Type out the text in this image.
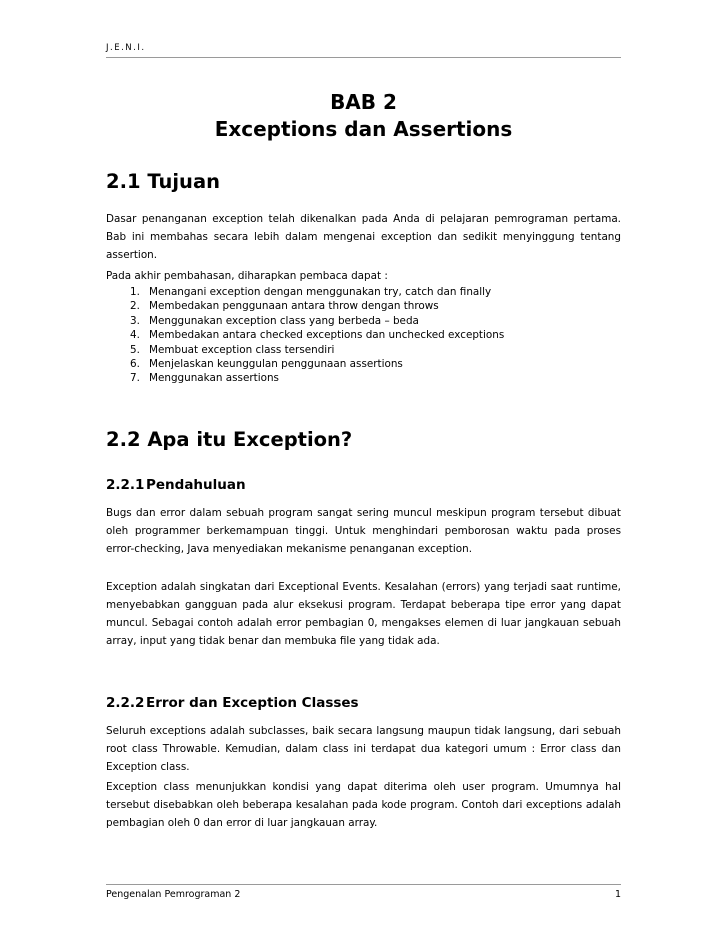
J.E.N.I.
BAB 2
Exceptions dan Assertions
2.1 Tujuan
Dasar penanganan exception telah dikenalkan pada Anda di pelajaran pemrograman pertama. Bab ini membahas secara lebih dalam mengenai exception dan sedikit menyinggung tentang assertion.
Pada akhir pembahasan, diharapkan pembaca dapat :
1. Menangani exception dengan menggunakan try, catch dan finally
2. Membedakan penggunaan antara throw dengan throws
3. Menggunakan exception class yang berbeda – beda
4. Membedakan antara checked exceptions dan unchecked exceptions
5. Membuat exception class tersendiri
6. Menjelaskan keunggulan penggunaan assertions
7. Menggunakan assertions
2.2 Apa itu Exception?
2.2.1 Pendahuluan
Bugs dan error dalam sebuah program sangat sering muncul meskipun program tersebut dibuat oleh programmer berkemampuan tinggi. Untuk menghindari pemborosan waktu pada proses error-checking, Java menyediakan mekanisme penanganan exception.
Exception adalah singkatan dari Exceptional Events. Kesalahan (errors) yang terjadi saat runtime, menyebabkan gangguan pada alur eksekusi program. Terdapat beberapa tipe error yang dapat muncul. Sebagai contoh adalah error pembagian 0, mengakses elemen di luar jangkauan sebuah array, input yang tidak benar dan membuka file yang tidak ada.
2.2.2 Error dan Exception Classes
Seluruh exceptions adalah subclasses, baik secara langsung maupun tidak langsung, dari sebuah root class Throwable. Kemudian, dalam class ini terdapat dua kategori umum : Error class dan Exception class.
Exception class menunjukkan kondisi yang dapat diterima oleh user program. Umumnya hal tersebut disebabkan oleh beberapa kesalahan pada kode program. Contoh dari exceptions adalah pembagian oleh 0 dan error di luar jangkauan array.
Pengenalan Pemrograman 2	1
